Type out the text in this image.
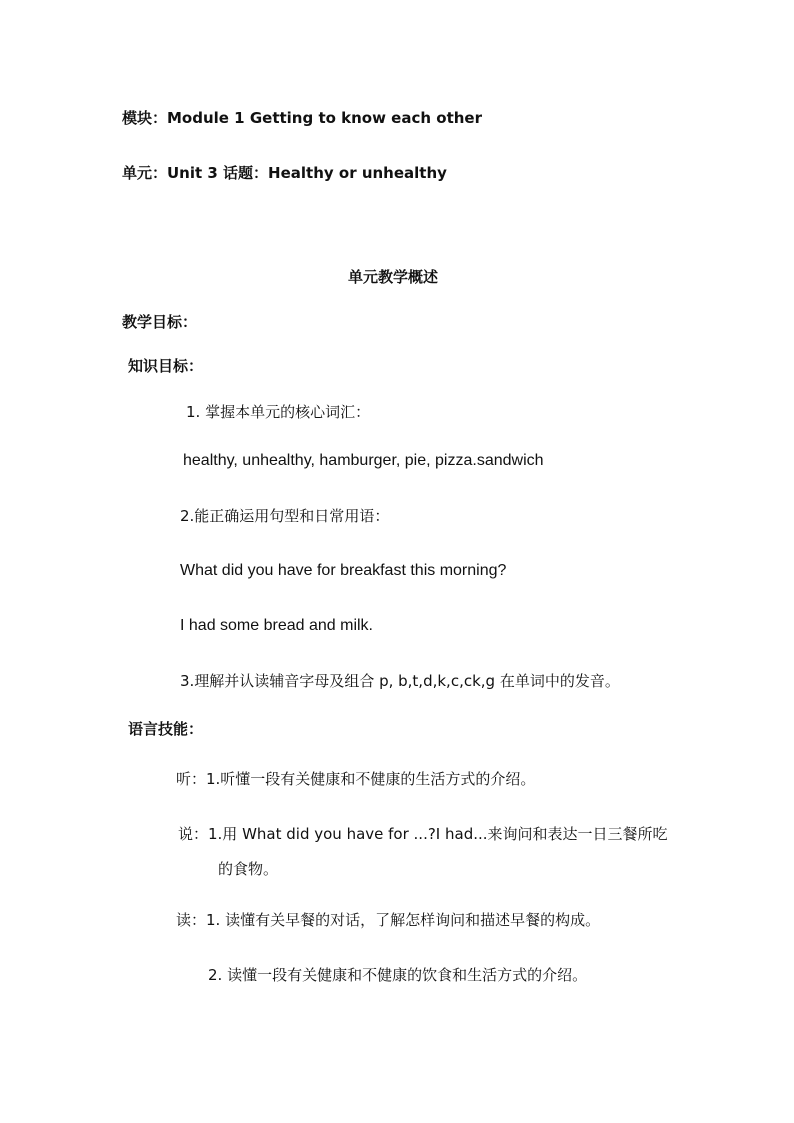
模块：Module 1 Getting to know each other
单元：Unit 3 话题：Healthy or unhealthy
单元教学概述
教学目标：
知识目标：
1. 掌握本单元的核心词汇：
healthy, unhealthy, hamburger, pie, pizza.sandwich
2.能正确运用句型和日常用语：
What did you have for breakfast this morning?
I had some bread and milk.
3.理解并认读辅音字母及组合 p, b,t,d,k,c,ck,g 在单词中的发音。
语言技能：
听：1.听懂一段有关健康和不健康的生活方式的介绍。
说：1.用 What did you have for ...?I had...来询问和表达一日三餐所吃
的食物。
读：1. 读懂有关早餐的对话，了解怎样询问和描述早餐的构成。
2. 读懂一段有关健康和不健康的饮食和生活方式的介绍。
